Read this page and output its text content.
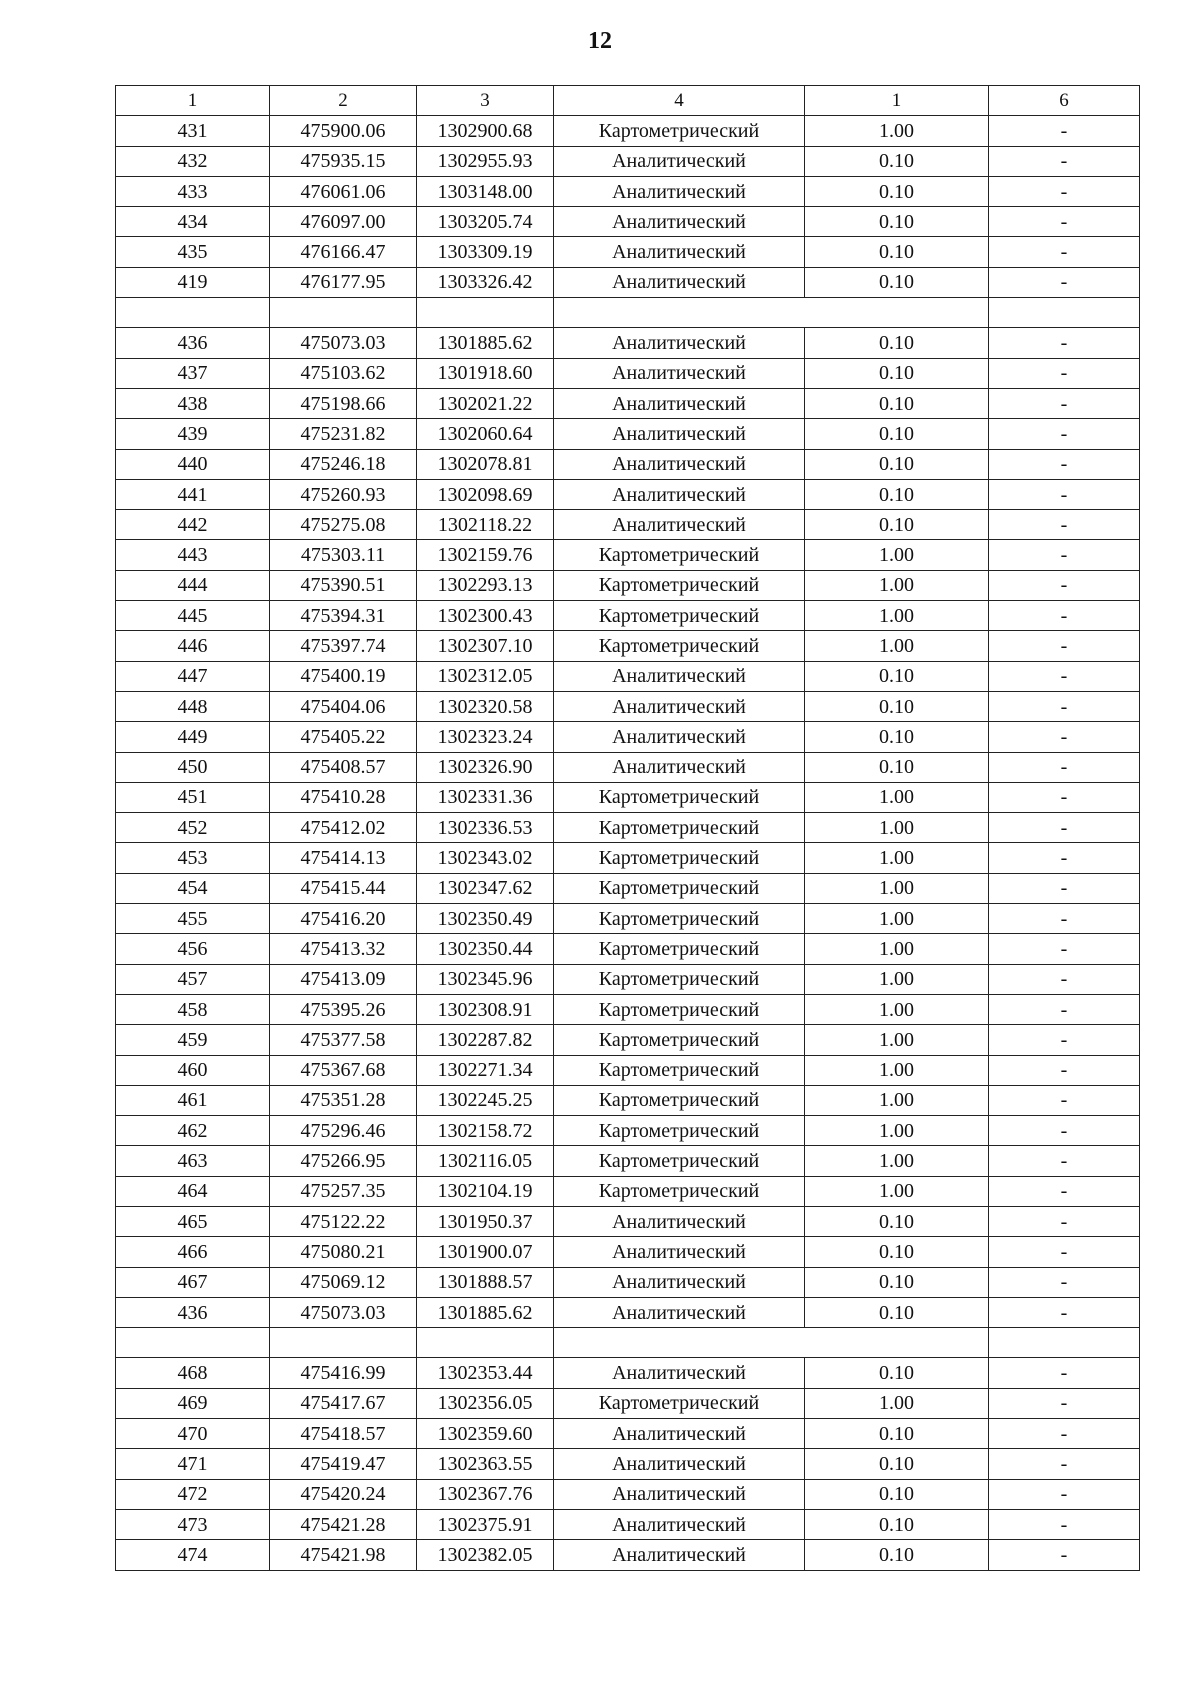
12
1	2	3	4	1	6
431	475900.06	1302900.68	Картометрический	1.00	-
432	475935.15	1302955.93	Аналитический	0.10	-
433	476061.06	1303148.00	Аналитический	0.10	-
434	476097.00	1303205.74	Аналитический	0.10	-
435	476166.47	1303309.19	Аналитический	0.10	-
419	476177.95	1303326.42	Аналитический	0.10	-

436	475073.03	1301885.62	Аналитический	0.10	-
437	475103.62	1301918.60	Аналитический	0.10	-
438	475198.66	1302021.22	Аналитический	0.10	-
439	475231.82	1302060.64	Аналитический	0.10	-
440	475246.18	1302078.81	Аналитический	0.10	-
441	475260.93	1302098.69	Аналитический	0.10	-
442	475275.08	1302118.22	Аналитический	0.10	-
443	475303.11	1302159.76	Картометрический	1.00	-
444	475390.51	1302293.13	Картометрический	1.00	-
445	475394.31	1302300.43	Картометрический	1.00	-
446	475397.74	1302307.10	Картометрический	1.00	-
447	475400.19	1302312.05	Аналитический	0.10	-
448	475404.06	1302320.58	Аналитический	0.10	-
449	475405.22	1302323.24	Аналитический	0.10	-
450	475408.57	1302326.90	Аналитический	0.10	-
451	475410.28	1302331.36	Картометрический	1.00	-
452	475412.02	1302336.53	Картометрический	1.00	-
453	475414.13	1302343.02	Картометрический	1.00	-
454	475415.44	1302347.62	Картометрический	1.00	-
455	475416.20	1302350.49	Картометрический	1.00	-
456	475413.32	1302350.44	Картометрический	1.00	-
457	475413.09	1302345.96	Картометрический	1.00	-
458	475395.26	1302308.91	Картометрический	1.00	-
459	475377.58	1302287.82	Картометрический	1.00	-
460	475367.68	1302271.34	Картометрический	1.00	-
461	475351.28	1302245.25	Картометрический	1.00	-
462	475296.46	1302158.72	Картометрический	1.00	-
463	475266.95	1302116.05	Картометрический	1.00	-
464	475257.35	1302104.19	Картометрический	1.00	-
465	475122.22	1301950.37	Аналитический	0.10	-
466	475080.21	1301900.07	Аналитический	0.10	-
467	475069.12	1301888.57	Аналитический	0.10	-
436	475073.03	1301885.62	Аналитический	0.10	-

468	475416.99	1302353.44	Аналитический	0.10	-
469	475417.67	1302356.05	Картометрический	1.00	-
470	475418.57	1302359.60	Аналитический	0.10	-
471	475419.47	1302363.55	Аналитический	0.10	-
472	475420.24	1302367.76	Аналитический	0.10	-
473	475421.28	1302375.91	Аналитический	0.10	-
474	475421.98	1302382.05	Аналитический	0.10	-
